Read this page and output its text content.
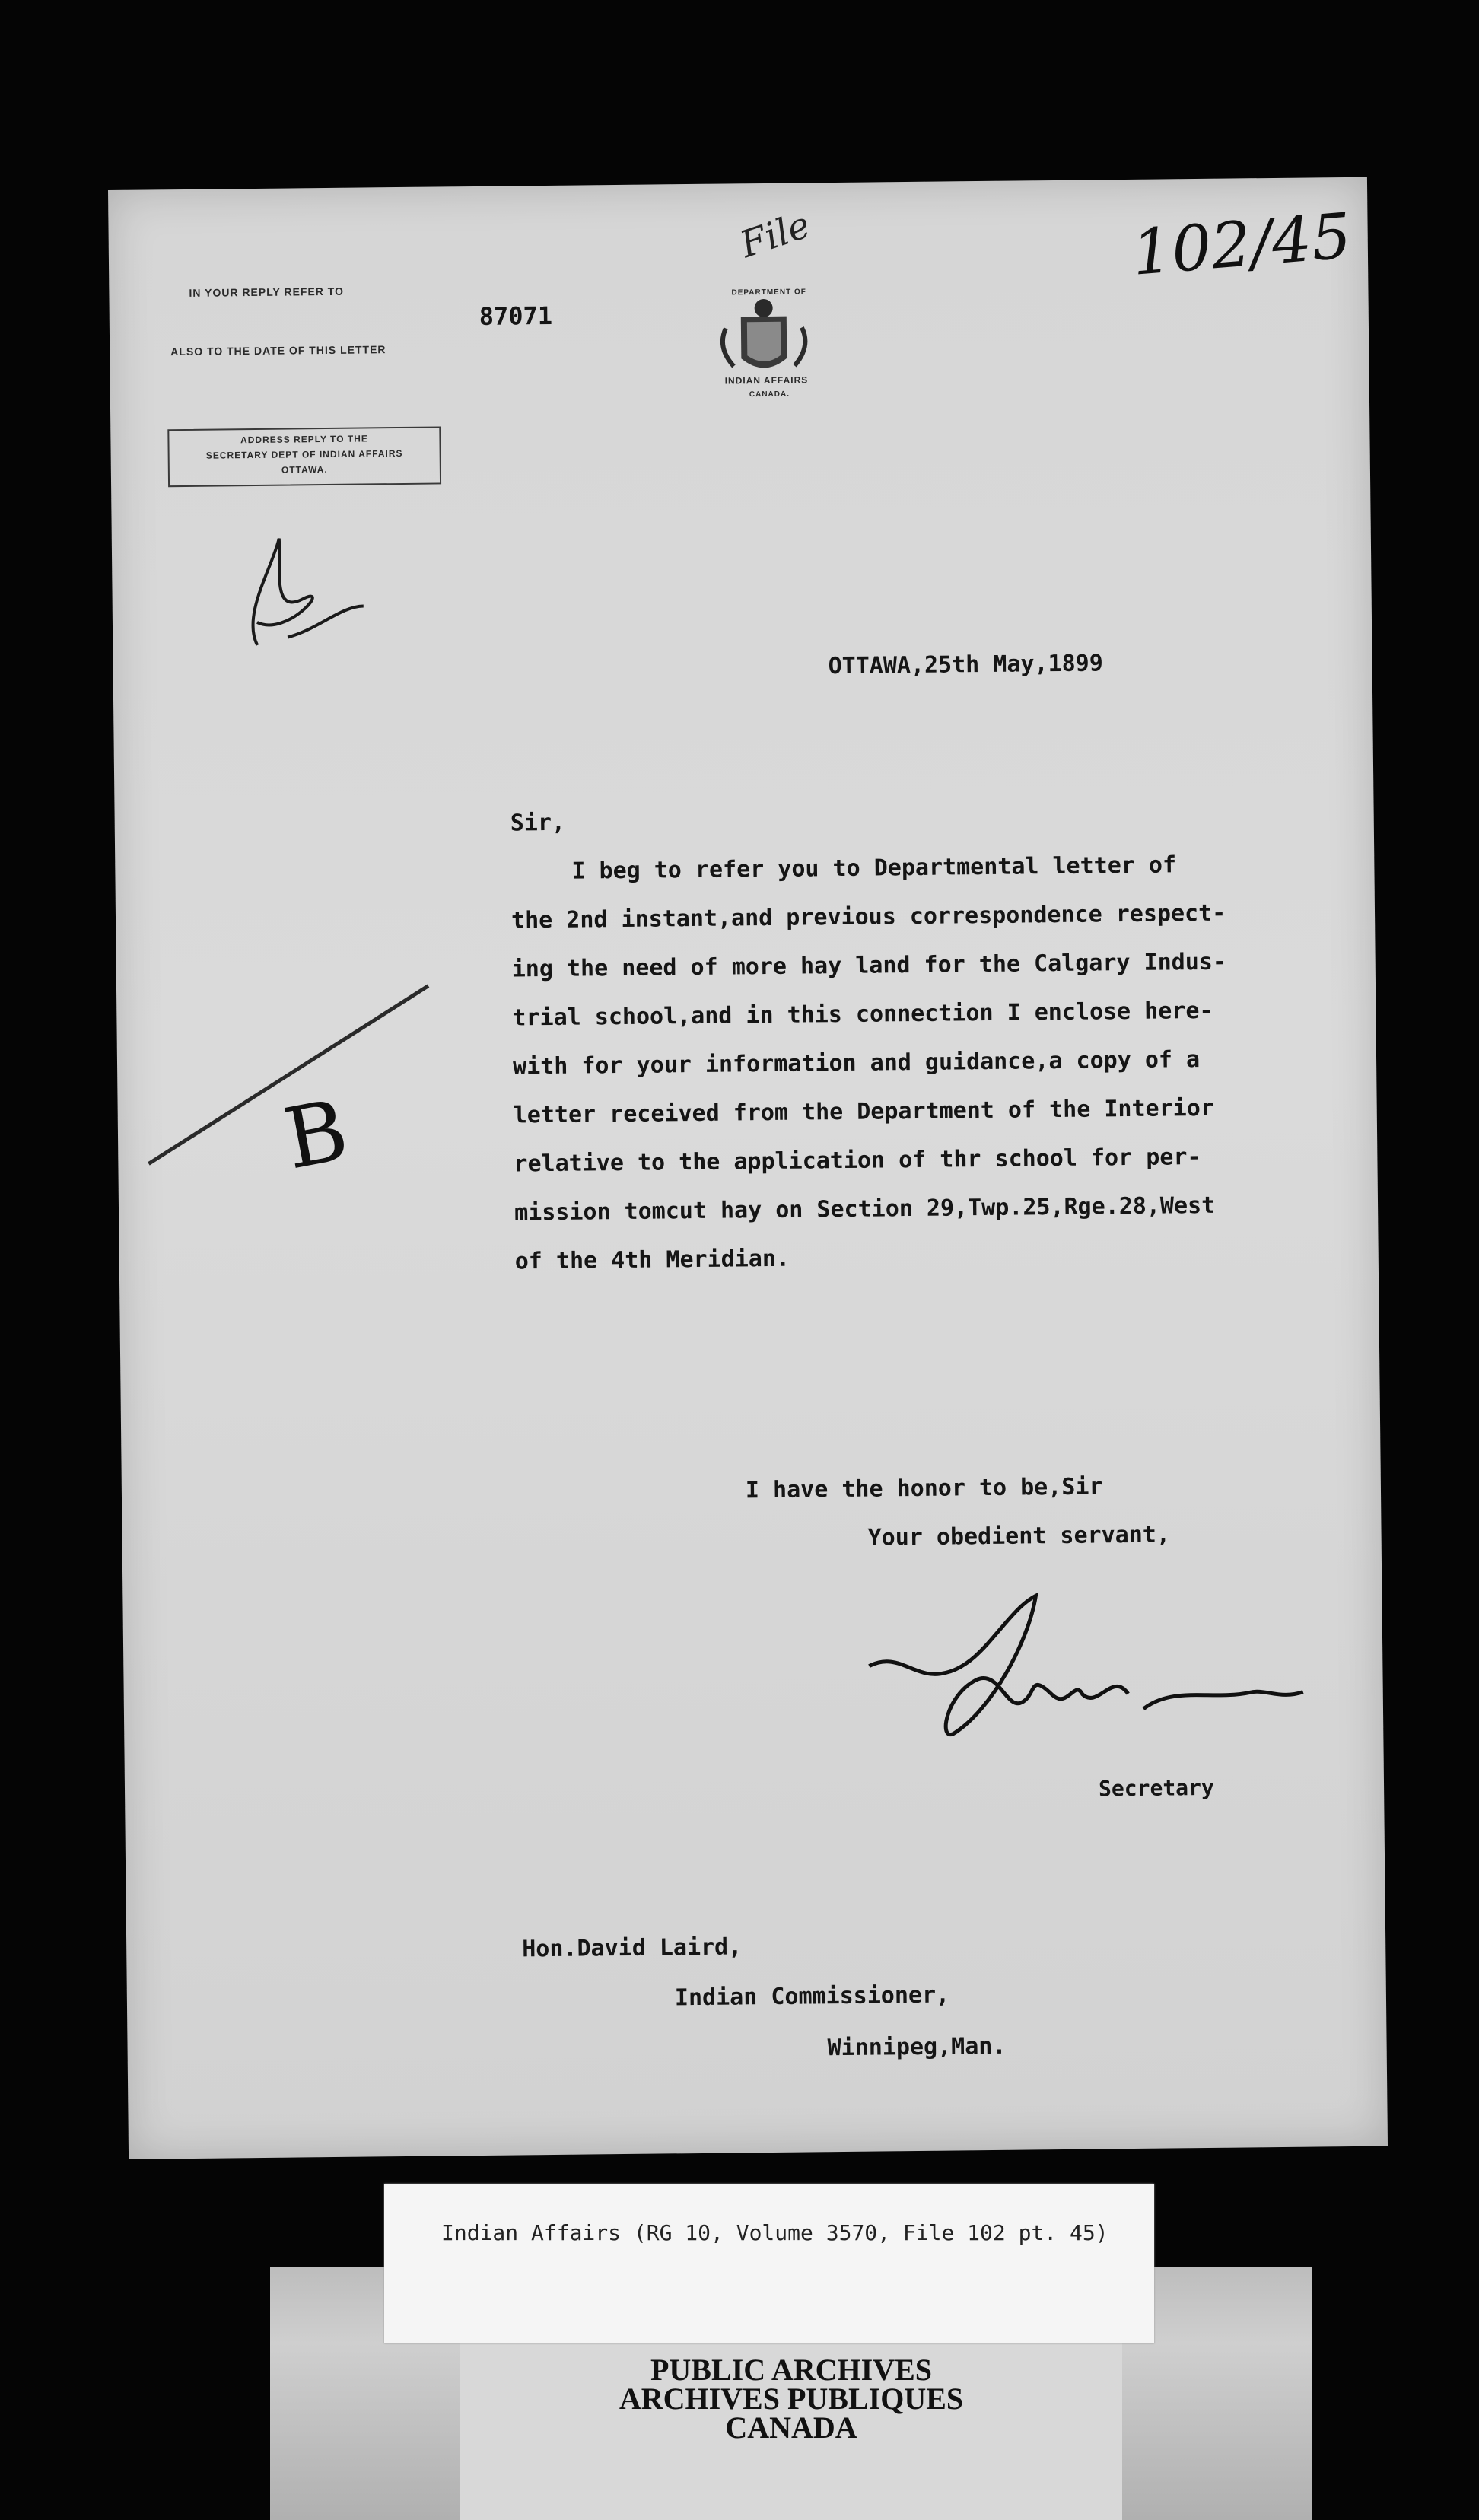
IN YOUR REPLY REFER TO
ALSO TO THE DATE OF THIS LETTER
87071
ADDRESS REPLY TO THE
SECRETARY DEPT OF INDIAN AFFAIRS
OTTAWA.
DEPARTMENT OF
INDIAN AFFAIRS
CANADA.
File	102/45
B
OTTAWA,25th May,1899
Sir,
I beg to refer you to Departmental letter of
the 2nd instant,and previous correspondence respect-
ing the need of more hay land for the Calgary Indus-
trial school,and in this connection I enclose here-
with for your information and guidance,a copy of a
letter received from the Department of the Interior
relative to the application of thr school for per-
mission tomcut hay on Section 29,Twp.25,Rge.28,West
of the 4th Meridian.
I have the honor to be,Sir
Your obedient servant,
Secretary
Hon.David Laird,
Indian Commissioner,
Winnipeg,Man.
PUBLIC ARCHIVES
ARCHIVES PUBLIQUES
CANADA
Indian Affairs (RG 10, Volume 3570, File 102 pt. 45)
